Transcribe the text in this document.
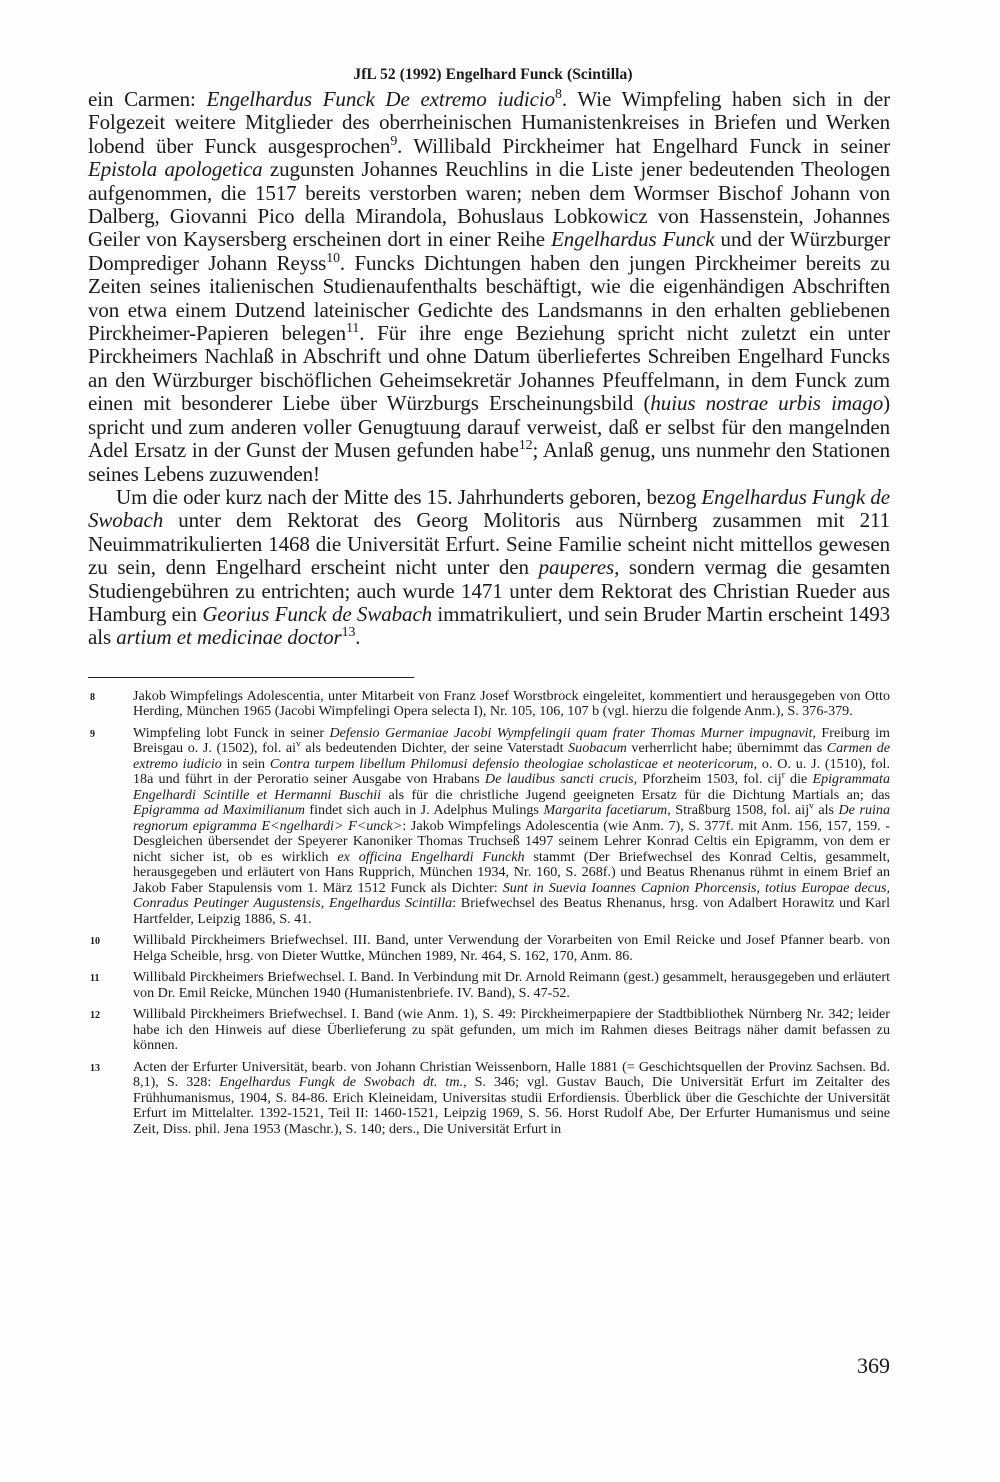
JfL 52 (1992) Engelhard Funck (Scintilla)

ein Carmen: Engelhardus Funck De extremo iudicio$^8$. Wie Wimpfeling haben sich in der Folgezeit weitere Mitglieder des oberrheinischen Humanistenkreises in Briefen und Werken lobend über Funck ausgesprochen$^9$. Willibald Pirckheimer hat Engelhard Funck in seiner Epistola apologetica zugunsten Johannes Reuchlins in die Liste jener bedeutenden Theologen aufgenommen, die 1517 bereits verstorben waren; neben dem Wormser Bischof Johann von Dalberg, Giovanni Pico della Mirandola, Bohuslaus Lobkowicz von Hassenstein, Johannes Geiler von Kaysersberg erscheinen dort in einer Reihe Engelhardus Funck und der Würzburger Domprediger Johann Reyss$^{10}$. Funcks Dichtungen haben den jungen Pirckheimer bereits zu Zeiten seines italienischen Studienaufenthalts beschäftigt, wie die eigenhändigen Abschriften von etwa einem Dutzend lateinischer Gedichte des Landsmanns in den erhalten gebliebenen Pirckheimer-Papieren belegen$^{11}$. Für ihre enge Beziehung spricht nicht zuletzt ein unter Pirckheimers Nachlaß in Abschrift und ohne Datum überliefertes Schreiben Engelhard Funcks an den Würzburger bischöflichen Geheimsekretär Johannes Pfeuffelmann, in dem Funck zum einen mit besonderer Liebe über Würzburgs Erscheinungsbild (huius nostrae urbis imago) spricht und zum anderen voller Genugtuung darauf verweist, daß er selbst für den mangelnden Adel Ersatz in der Gunst der Musen gefunden habe$^{12}$; Anlaß genug, uns nunmehr den Stationen seines Lebens zuzuwenden!

Um die oder kurz nach der Mitte des 15. Jahrhunderts geboren, bezog Engelhardus Fungk de Swobach unter dem Rektorat des Georg Molitoris aus Nürnberg zusammen mit 211 Neuimmatrikulierten 1468 die Universität Erfurt. Seine Familie scheint nicht mittellos gewesen zu sein, denn Engelhard erscheint nicht unter den pauperes, sondern vermag die gesamten Studiengebühren zu entrichten; auch wurde 1471 unter dem Rektorat des Christian Rueder aus Hamburg ein Georius Funck de Swabach immatrikuliert, und sein Bruder Martin erscheint 1493 als artium et medicinae doctor$^{13}$.

8	Jakob Wimpfelings Adolescentia, unter Mitarbeit von Franz Josef Worstbrock eingeleitet, kommentiert und herausgegeben von Otto Herding, München 1965 (Jacobi Wimpfelingi Opera selecta I), Nr. 105, 106, 107 b (vgl. hierzu die folgende Anm.), S. 376-379.
9	Wimpfeling lobt Funck in seiner Defensio Germaniae Jacobi Wympfelingii quam frater Thomas Murner impugnavit, Freiburg im Breisgau o. J. (1502), fol. $ai^v$ als bedeutenden Dichter, der seine Vaterstadt Suobacum verherrlicht habe; übernimmt das Carmen de extremo iudicio in sein Contra turpem libellum Philomusi defensio theologiae scholasticae et neotericorum, o. O. u. J. (1510), fol. 18a und führt in der Peroratio seiner Ausgabe von Hrabans De laudibus sancti crucis, Pforzheim 1503, fol. cij$^r$ die Epigrammata Engelhardi Scintille et Hermanni Buschii als für die christliche Jugend geeigneten Ersatz für die Dichtung Martials an; das Epigramma ad Maximilianum findet sich auch in J. Adelphus Mulings Margarita facetiarum, Straßburg 1508, fol. aij$^v$ als De ruina regnorum epigramma E<ngelhardi> F<unck>: Jakob Wimpfelings Adolescentia (wie Anm. 7), S. 377f. mit Anm. 156, 157, 159. - Desgleichen übersendet der Speyerer Kanoniker Thomas Truchseß 1497 seinem Lehrer Konrad Celtis ein Epigramm, von dem er nicht sicher ist, ob es wirklich ex officina Engelhardi Funckh stammt (Der Briefwechsel des Konrad Celtis, gesammelt, herausgegeben und erläutert von Hans Rupprich, München 1934, Nr. 160, S. 268f.) und Beatus Rhenanus rühmt in einem Brief an Jakob Faber Stapulensis vom 1. März 1512 Funck als Dichter: Sunt in Suevia Ioannes Capnion Phorcensis, totius Europae decus, Conradus Peutinger Augustensis, Engelhardus Scintilla: Briefwechsel des Beatus Rhenanus, hrsg. von Adalbert Horawitz und Karl Hartfelder, Leipzig 1886, S. 41.
10	Willibald Pirckheimers Briefwechsel. III. Band, unter Verwendung der Vorarbeiten von Emil Reicke und Josef Pfanner bearb. von Helga Scheible, hrsg. von Dieter Wuttke, München 1989, Nr. 464, S. 162, 170, Anm. 86.
11	Willibald Pirckheimers Briefwechsel. I. Band. In Verbindung mit Dr. Arnold Reimann (gest.) gesammelt, herausgegeben und erläutert von Dr. Emil Reicke, München 1940 (Humanistenbriefe. IV. Band), S. 47-52.
12	Willibald Pirckheimers Briefwechsel. I. Band (wie Anm. 1), S. 49: Pirckheimerpapiere der Stadtbibliothek Nürnberg Nr. 342; leider habe ich den Hinweis auf diese Überlieferung zu spät gefunden, um mich im Rahmen dieses Beitrags näher damit befassen zu können.
13	Acten der Erfurter Universität, bearb. von Johann Christian Weissenborn, Halle 1881 (= Geschichtsquellen der Provinz Sachsen. Bd. 8,1), S. 328: Engelhardus Fungk de Swobach dt. tm., S. 346; vgl. Gustav Bauch, Die Universität Erfurt im Zeitalter des Frühhumanismus, 1904, S. 84-86. Erich Kleineidam, Universitas studii Erfordiensis. Überblick über die Geschichte der Universität Erfurt im Mittelalter. 1392-1521, Teil II: 1460-1521, Leipzig 1969, S. 56. Horst Rudolf Abe, Der Erfurter Humanismus und seine Zeit, Diss. phil. Jena 1953 (Maschr.), S. 140; ders., Die Universität Erfurt in
369
